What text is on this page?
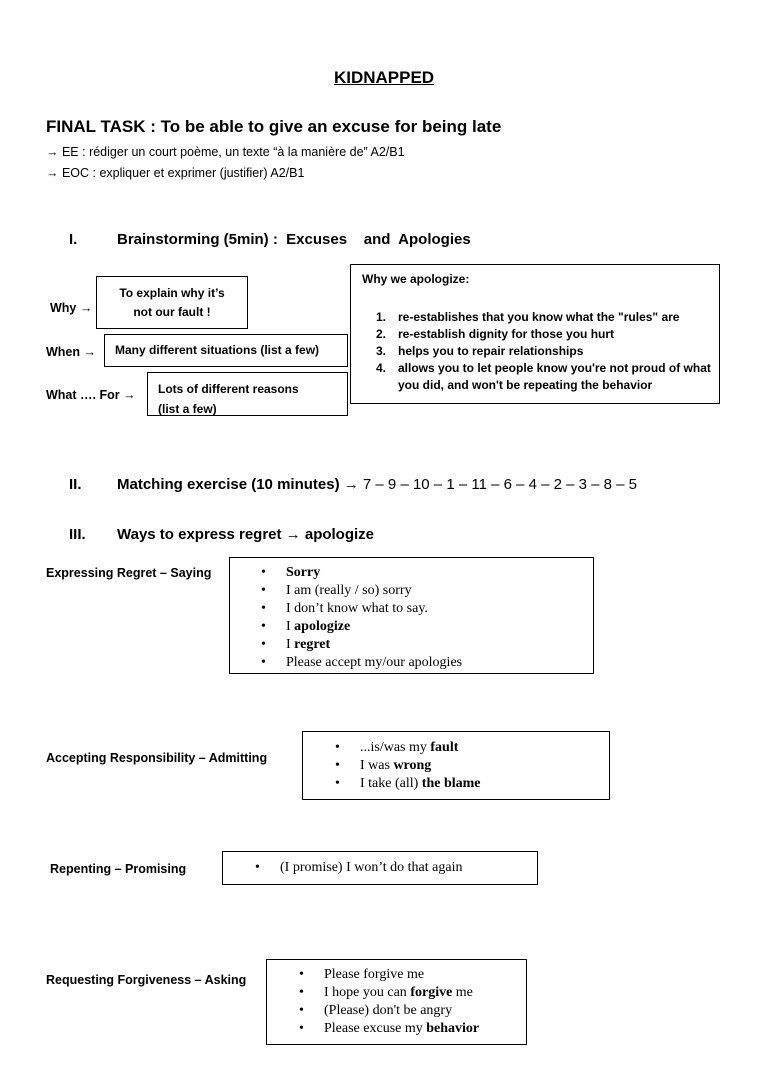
KIDNAPPED
FINAL TASK : To be able to give an excuse for being late
→ EE : rédiger un court poème, un texte “à la manière de” A2/B1
→ EOC : expliquer et exprimer (justifier) A2/B1
I.	Brainstorming (5min) :  Excuses    and  Apologies
Why →
To explain why it’s
not our fault !
When →	Many different situations (list a few)
What …. For → Lots of different reasons
(list a few)
Why we apologize:
1. re-establishes that you know what the "rules" are
2. re-establish dignity for those you hurt
3. helps you to repair relationships
4. allows you to let people know you're not proud of what you did, and won't be repeating the behavior
II. Matching exercise (10 minutes) → 7 – 9 – 10 – 1 – 11 – 6 – 4 – 2 – 3 – 8 – 5
III. Ways to express regret → apologize
Expressing Regret – Saying	• Sorry
• I am (really / so) sorry
• I don’t know what to say.
• I apologize
• I regret
• Please accept my/our apologies
Accepting Responsibility – Admitting
• ...is/was my fault
• I was wrong
• I take (all) the blame
Repenting – Promising	• (I promise) I won’t do that again
Requesting Forgiveness – Asking	• Please forgive me
• I hope you can forgive me
• (Please) don't be angry
• Please excuse my behavior
